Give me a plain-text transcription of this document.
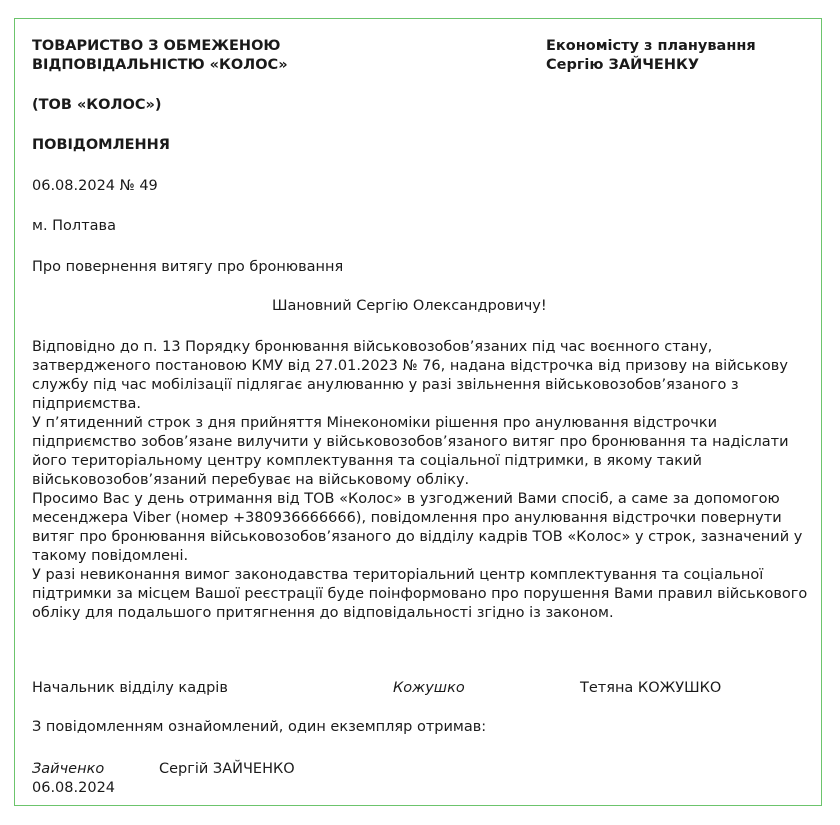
ТОВАРИСТВО З ОБМЕЖЕНОЮ
ВІДПОВІДАЛЬНІСТЮ «КОЛОС»
Економісту з планування
Сергію ЗАЙЧЕНКУ
(ТОВ «КОЛОС»)
ПОВІДОМЛЕННЯ
06.08.2024 № 49
м. Полтава
Про повернення витягу про бронювання
Шановний Сергію Олександровичу!

Відповідно до п. 13 Порядку бронювання військовозобов’язаних під час воєнного стану, затвердженого постановою КМУ від 27.01.2023 № 76, надана відстрочка від призову на військову службу під час мобілізації підлягає анулюванню у разі звільнення військовозобов’язаного з підприємства.

У п’ятиденний строк з дня прийняття Мінекономіки рішення про анулювання відстрочки підприємство зобов’язане вилучити у військовозобов’язаного витяг про бронювання та надіслати його територіальному центру комплектування та соціальної підтримки, в якому такий військовозобов’язаний перебуває на військовому обліку.

Просимо Вас у день отримання від ТОВ «Колос» в узгоджений Вами спосіб, а саме за допомогою месенджера Viber (номер +380936666666), повідомлення про анулювання відстрочки повернути витяг про бронювання військовозобов’язаного до відділу кадрів ТОВ «Колос» у строк, зазначений у такому повідомлені.

У разі невиконання вимог законодавства територіальний центр комплектування та соціальної підтримки за місцем Вашої реєстрації буде поінформовано про порушення Вами правил військового обліку для подальшого притягнення до відповідальності згідно із законом.

Начальник відділу кадрів	Кожушко	Тетяна КОЖУШКО
З повідомленням ознайомлений, один екземпляр отримав:
Зайченко	Сергій ЗАЙЧЕНКО
06.08.2024
